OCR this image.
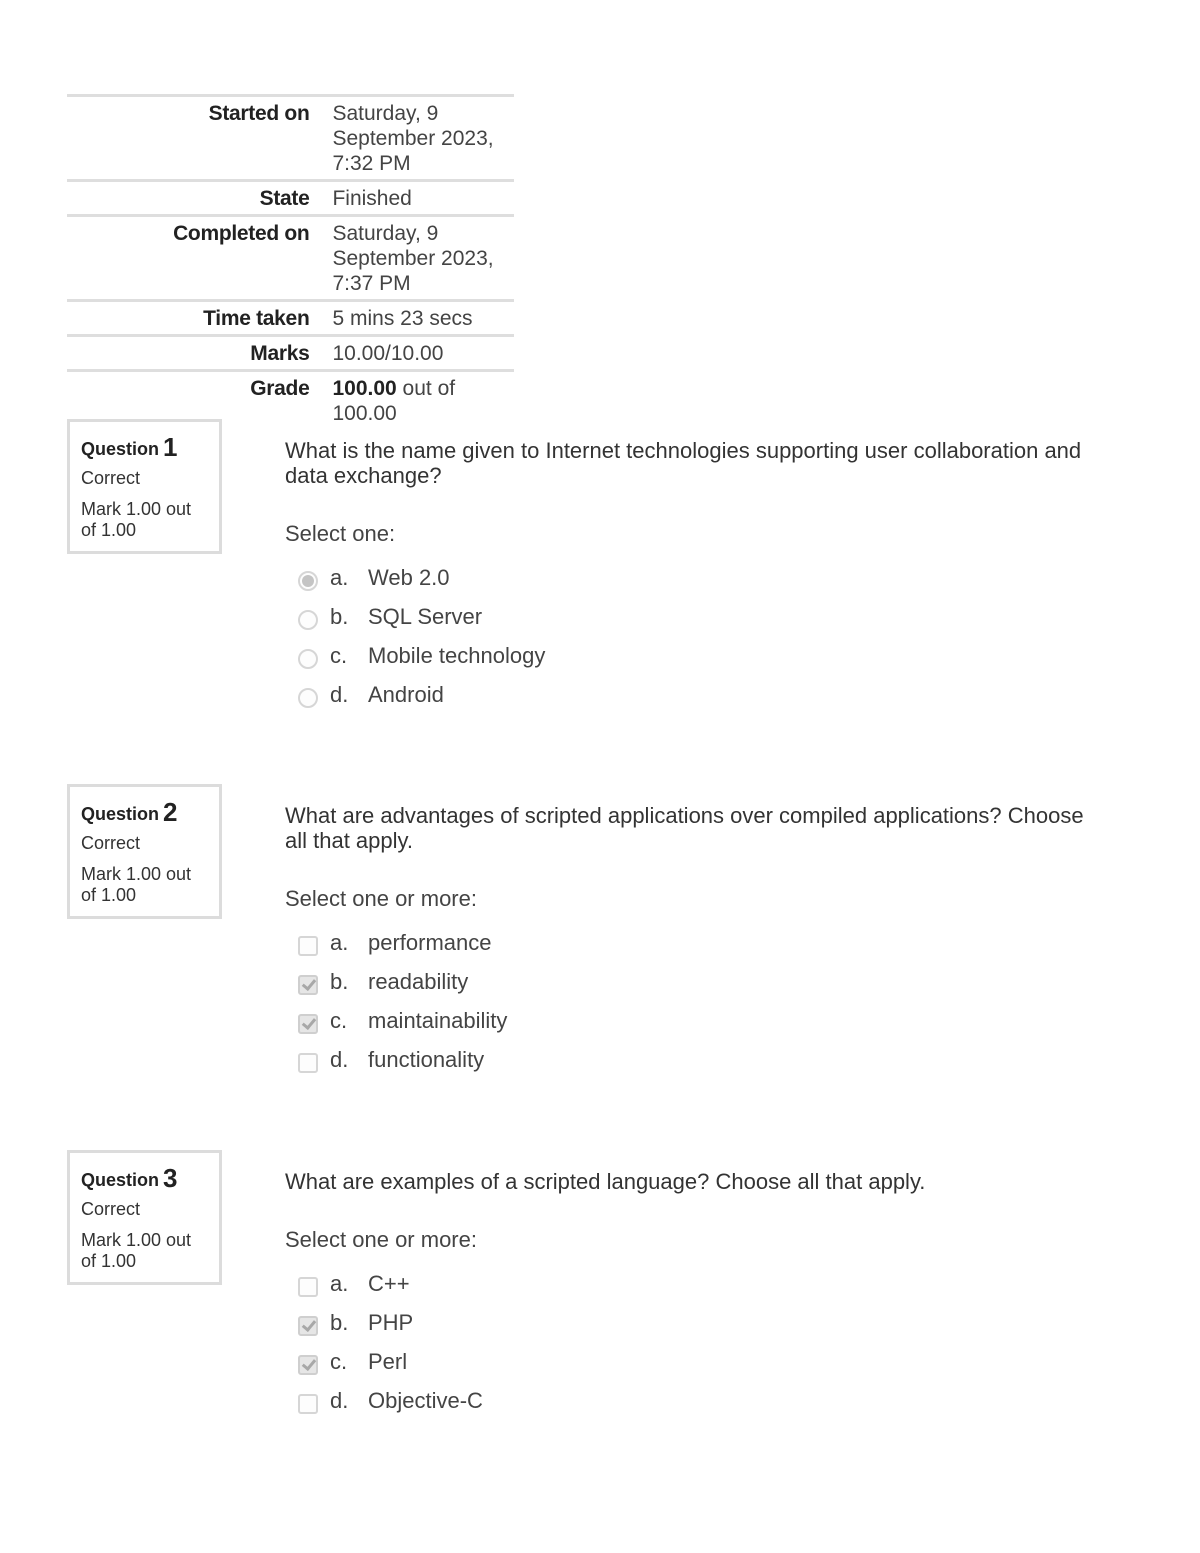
Started on	Saturday, 9 September 2023, 7:32 PM
State	Finished
Completed on	Saturday, 9 September 2023, 7:37 PM
Time taken	5 mins 23 secs
Marks	10.00/10.00
Grade	100.00 out of 100.00
Question 1
Correct
Mark 1.00 out of 1.00
What is the name given to Internet technologies supporting user collaboration and data exchange?
Select one:
a. Web 2.0
b. SQL Server
c. Mobile technology
d. Android
Question 2
Correct
Mark 1.00 out of 1.00
What are advantages of scripted applications over compiled applications? Choose all that apply.
Select one or more:
a. performance
b. readability
c. maintainability
d. functionality
Question 3
Correct
Mark 1.00 out of 1.00
What are examples of a scripted language? Choose all that apply.
Select one or more:
a. C++
b. PHP
c. Perl
d. Objective-C
